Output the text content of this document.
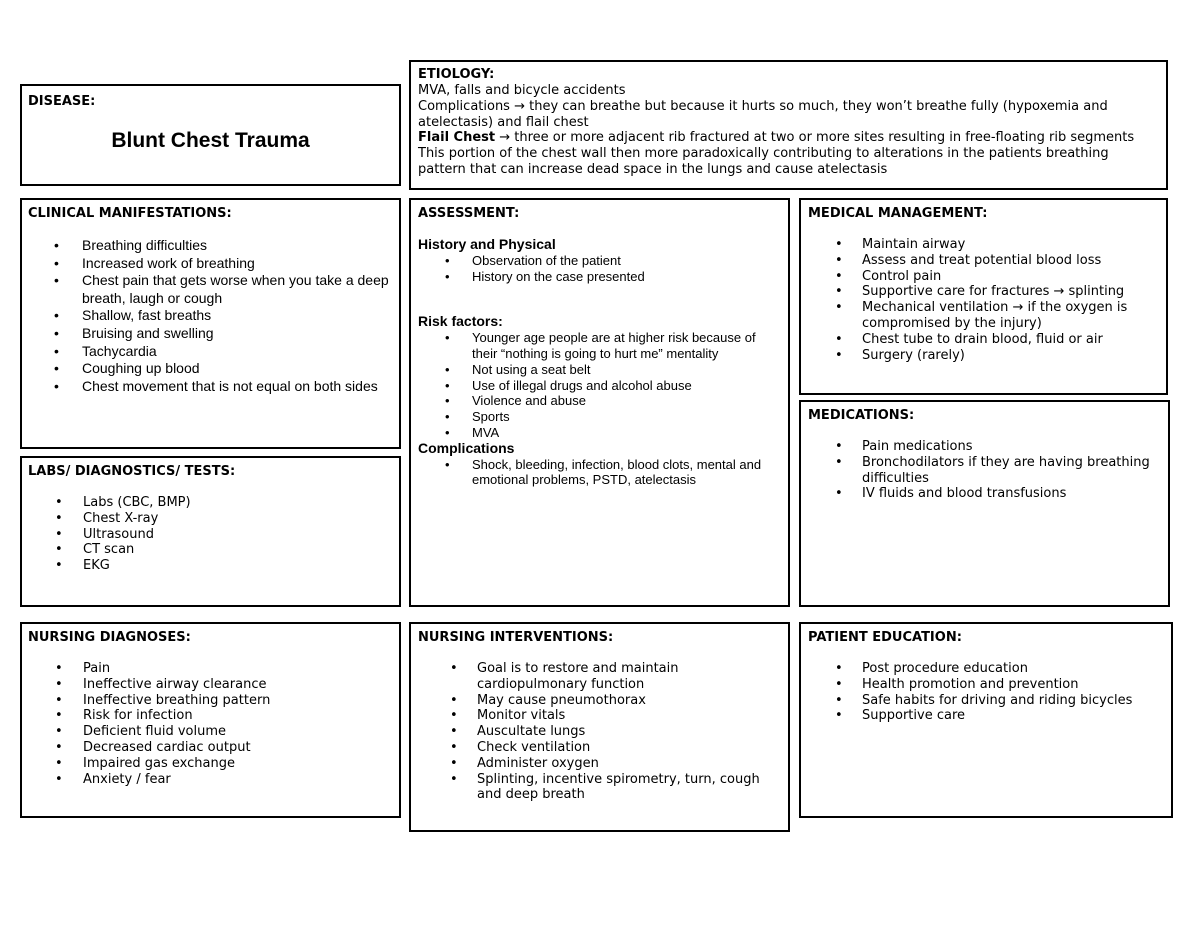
DISEASE:
Blunt Chest Trauma

ETIOLOGY:

MVA, falls and bicycle accidents

Complications → they can breathe but because it hurts so much, they won’t breathe fully (hypoxemia and atelectasis) and flail chest

Flail Chest → three or more adjacent rib fractured at two or more sites resulting in free-floating rib segments

This portion of the chest wall then more paradoxically contributing to alterations in the patients breathing pattern that can increase dead space in the lungs and cause atelectasis

CLINICAL MANIFESTATIONS:
• Breathing difficulties
• Increased work of breathing
• Chest pain that gets worse when you take a deep breath, laugh or cough
• Shallow, fast breaths
• Bruising and swelling
• Tachycardia
• Coughing up blood
• Chest movement that is not equal on both sides
LABS/ DIAGNOSTICS/ TESTS:
• Labs (CBC, BMP)
• Chest X-ray
• Ultrasound
• CT scan
• EKG
ASSESSMENT:
History and Physical
• Observation of the patient
• History on the case presented
Risk factors:
• Younger age people are at higher risk because of their “nothing is going to hurt me” mentality
• Not using a seat belt
• Use of illegal drugs and alcohol abuse
• Violence and abuse
• Sports
• MVA
Complications
• Shock, bleeding, infection, blood clots, mental and emotional problems, PSTD, atelectasis
MEDICAL MANAGEMENT:
• Maintain airway
• Assess and treat potential blood loss
• Control pain
• Supportive care for fractures → splinting
• Mechanical ventilation → if the oxygen is compromised by the injury)
• Chest tube to drain blood, fluid or air
• Surgery (rarely)
MEDICATIONS:
• Pain medications
• Bronchodilators if they are having breathing difficulties
• IV fluids and blood transfusions
NURSING DIAGNOSES:
• Pain
• Ineffective airway clearance
• Ineffective breathing pattern
• Risk for infection
• Deficient fluid volume
• Decreased cardiac output
• Impaired gas exchange
• Anxiety / fear
NURSING INTERVENTIONS:
• Goal is to restore and maintain cardiopulmonary function
• May cause pneumothorax
• Monitor vitals
• Auscultate lungs
• Check ventilation
• Administer oxygen
• Splinting, incentive spirometry, turn, cough and deep breath
PATIENT EDUCATION:
• Post procedure education
• Health promotion and prevention
• Safe habits for driving and riding bicycles
• Supportive care
